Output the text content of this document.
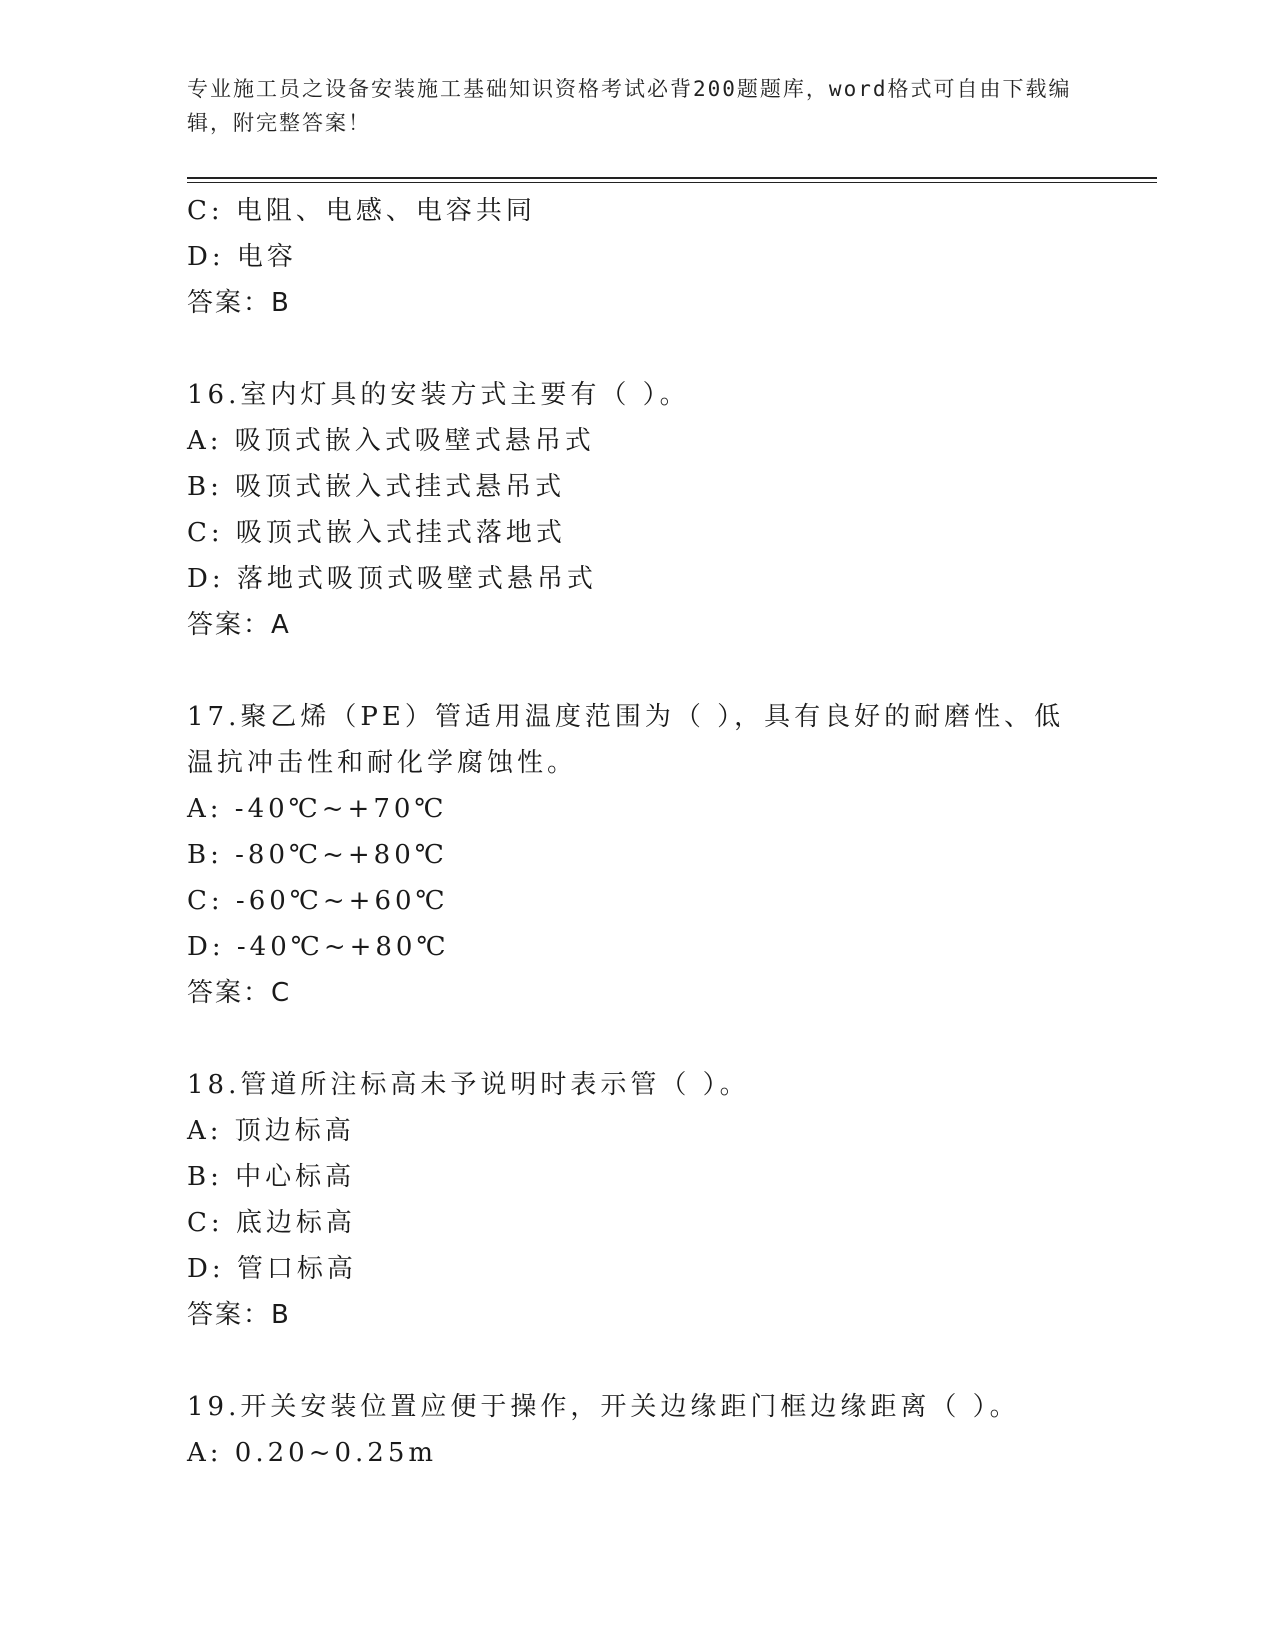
专业施工员之设备安装施工基础知识资格考试必背200题题库，word格式可自由下载编辑，附完整答案！
C: 电阻、电感、电容共同
D: 电容
答案：B
16.室内灯具的安装方式主要有（ ）。
A: 吸顶式嵌入式吸壁式悬吊式
B: 吸顶式嵌入式挂式悬吊式
C: 吸顶式嵌入式挂式落地式
D: 落地式吸顶式吸壁式悬吊式
答案：A
17.聚乙烯（PE）管适用温度范围为（ ），具有良好的耐磨性、低温抗冲击性和耐化学腐蚀性。
A: -40℃~+70℃
B: -80℃~+80℃
C: -60℃~+60℃
D: -40℃~+80℃
答案：C
18.管道所注标高未予说明时表示管（ ）。
A: 顶边标高
B: 中心标高
C: 底边标高
D: 管口标高
答案：B
19.开关安装位置应便于操作，开关边缘距门框边缘距离（ ）。
A: 0.20~0.25m
